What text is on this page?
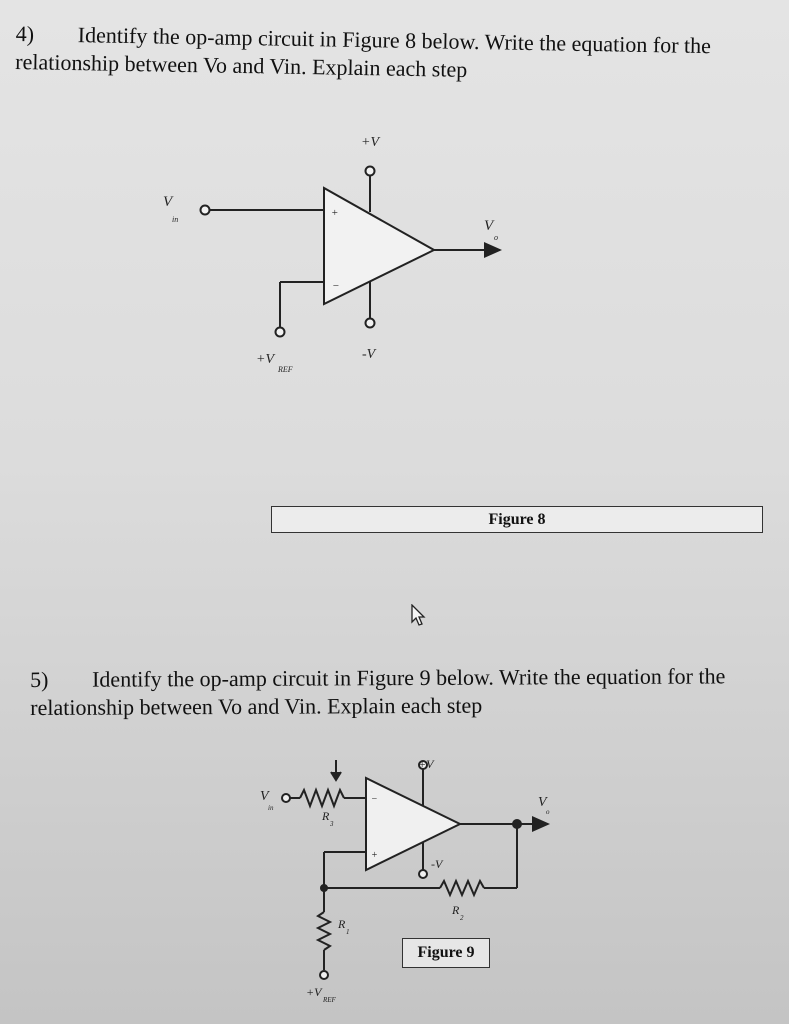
4) Identify the op-amp circuit in Figure 8 below. Write the equation for the relationship between Vo and Vin. Explain each step
+V
V
in	V
o
+
−
+V
REF
-V
+V
V
in
R
3
V
o
−
+
-V
R
2
R
1
+V
REF
Figure 8
5) Identify the op-amp circuit in Figure 9 below. Write the equation for the relationship between Vo and Vin. Explain each step
Figure 9
